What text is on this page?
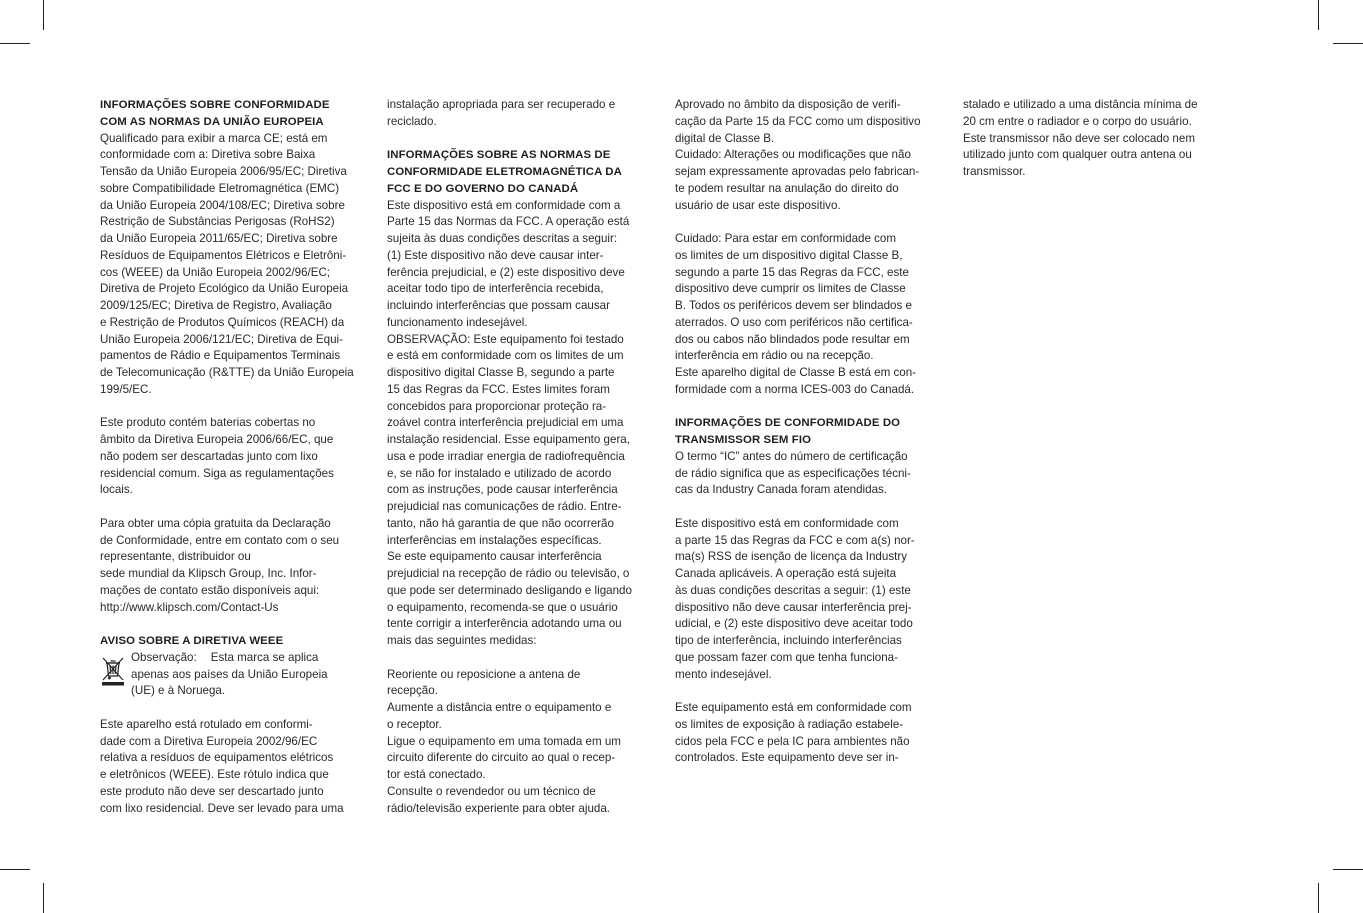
INFORMAÇÕES SOBRE CONFORMIDADE
COM AS NORMAS DA UNIÃO EUROPEIA

Qualificado para exibir a marca CE; está em
conformidade com a: Diretiva sobre Baixa
Tensão da União Europeia 2006/95/EC; Diretiva
sobre Compatibilidade Eletromagnética (EMC)
da União Europeia 2004/108/EC; Diretiva sobre
Restrição de Substâncias Perigosas (RoHS2)
da União Europeia 2011/65/EC; Diretiva sobre
Resíduos de Equipamentos Elétricos e Eletrôni-
cos (WEEE) da União Europeia 2002/96/EC;
Diretiva de Projeto Ecológico da União Europeia
2009/125/EC; Diretiva de Registro, Avaliação
e Restrição de Produtos Químicos (REACH) da
União Europeia 2006/121/EC; Diretiva de Equi-
pamentos de Rádio e Equipamentos Terminais
de Telecomunicação (R&TTE) da União Europeia
199/5/EC.

Este produto contém baterias cobertas no
âmbito da Diretiva Europeia 2006/66/EC, que
não podem ser descartadas junto com lixo
residencial comum. Siga as regulamentações
locais.

Para obter uma cópia gratuita da Declaração
de Conformidade, entre em contato com o seu
representante, distribuidor ou
sede mundial da Klipsch Group, Inc. Infor-
mações de contato estão disponíveis aqui:
http://www.klipsch.com/Contact-Us

AVISO SOBRE A DIRETIVA WEEE
Observação: Esta marca se aplica
apenas aos países da União Europeia
(UE) e à Noruega.

Este aparelho está rotulado em conformi-
dade com a Diretiva Europeia 2002/96/EC
relativa a resíduos de equipamentos elétricos
e eletrônicos (WEEE). Este rótulo indica que
este produto não deve ser descartado junto
com lixo residencial. Deve ser levado para uma

instalação apropriada para ser recuperado e
reciclado.

INFORMAÇÕES SOBRE AS NORMAS DE
CONFORMIDADE ELETROMAGNÉTICA DA
FCC E DO GOVERNO DO CANADÁ

Este dispositivo está em conformidade com a
Parte 15 das Normas da FCC. A operação está
sujeita às duas condições descritas a seguir:
(1) Este dispositivo não deve causar inter-
ferência prejudicial, e (2) este dispositivo deve
aceitar todo tipo de interferência recebida,
incluindo interferências que possam causar
funcionamento indesejável.
OBSERVAÇÃO: Este equipamento foi testado
e está em conformidade com os limites de um
dispositivo digital Classe B, segundo a parte
15 das Regras da FCC. Estes limites foram
concebidos para proporcionar proteção ra-
zoável contra interferência prejudicial em uma
instalação residencial. Esse equipamento gera,
usa e pode irradiar energia de radiofrequência
e, se não for instalado e utilizado de acordo
com as instruções, pode causar interferência
prejudicial nas comunicações de rádio. Entre-
tanto, não há garantia de que não ocorrerão
interferências em instalações específicas.
Se este equipamento causar interferência
prejudicial na recepção de rádio ou televisão, o
que pode ser determinado desligando e ligando
o equipamento, recomenda-se que o usuário
tente corrigir a interferência adotando uma ou
mais das seguintes medidas:

Reoriente ou reposicione a antena de
recepção.
Aumente a distância entre o equipamento e
o receptor.
Ligue o equipamento em uma tomada em um
circuito diferente do circuito ao qual o recep-
tor está conectado.
Consulte o revendedor ou um técnico de
rádio/televisão experiente para obter ajuda.

Aprovado no âmbito da disposição de verifi-
cação da Parte 15 da FCC como um dispositivo
digital de Classe B.
Cuidado: Alterações ou modificações que não
sejam expressamente aprovadas pelo fabrican-
te podem resultar na anulação do direito do
usuário de usar este dispositivo.

Cuidado: Para estar em conformidade com
os limites de um dispositivo digital Classe B,
segundo a parte 15 das Regras da FCC, este
dispositivo deve cumprir os limites de Classe
B. Todos os periféricos devem ser blindados e
aterrados. O uso com periféricos não certifica-
dos ou cabos não blindados pode resultar em
interferência em rádio ou na recepção.
Este aparelho digital de Classe B está em con-
formidade com a norma ICES-003 do Canadá.

INFORMAÇÕES DE CONFORMIDADE DO
TRANSMISSOR SEM FIO

O termo “IC” antes do número de certificação
de rádio significa que as especificações técni-
cas da Industry Canada foram atendidas.

Este dispositivo está em conformidade com
a parte 15 das Regras da FCC e com a(s) nor-
ma(s) RSS de isenção de licença da Industry
Canada aplicáveis. A operação está sujeita
às duas condições descritas a seguir: (1) este
dispositivo não deve causar interferência prej-
udicial, e (2) este dispositivo deve aceitar todo
tipo de interferência, incluindo interferências
que possam fazer com que tenha funciona-
mento indesejável.

Este equipamento está em conformidade com
os limites de exposição à radiação estabele-
cidos pela FCC e pela IC para ambientes não
controlados. Este equipamento deve ser in-

stalado e utilizado a uma distância mínima de
20 cm entre o radiador e o corpo do usuário.
Este transmissor não deve ser colocado nem
utilizado junto com qualquer outra antena ou
transmissor.
